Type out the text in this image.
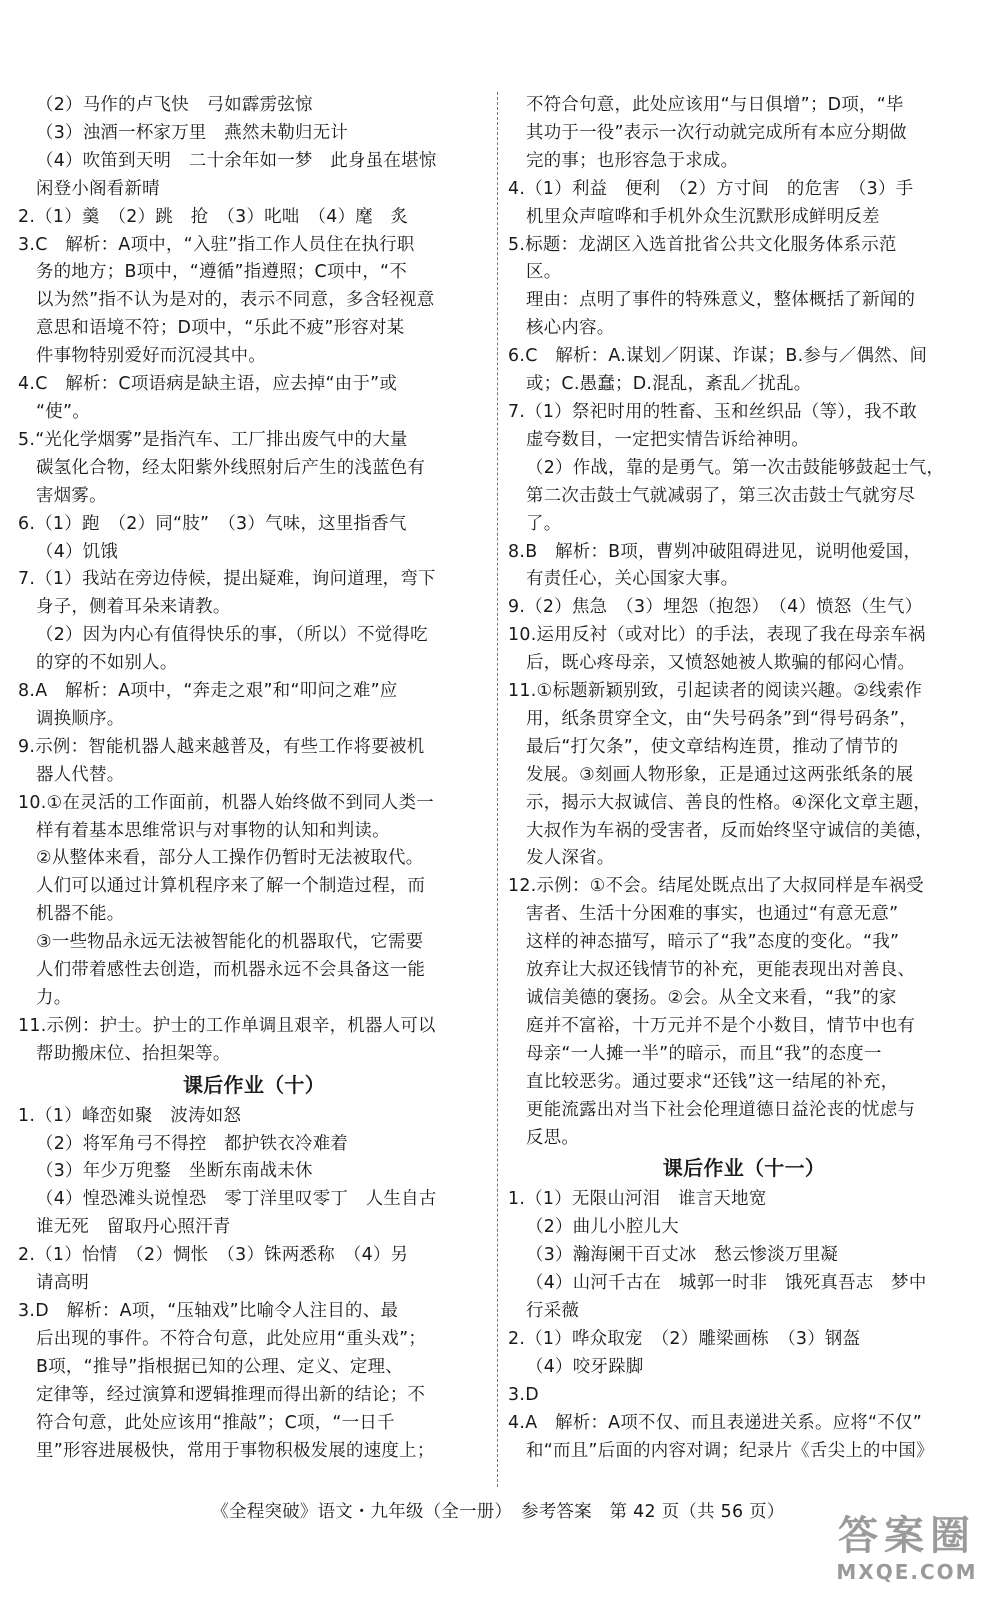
（2）马作的卢飞快　弓如霹雳弦惊
（3）浊酒一杯家万里　燕然未勒归无计
（4）吹笛到天明　二十余年如一梦　此身虽在堪惊
闲登小阁看新晴
2.（1）羹　（2）跳　抢　（3）叱咄　（4）麾　炙
3.C　解析：A项中，“入驻”指工作人员住在执行职
务的地方；B项中，“遵循”指遵照；C项中，“不
以为然”指不认为是对的，表示不同意，多含轻视意
意思和语境不符；D项中，“乐此不疲”形容对某
件事物特别爱好而沉浸其中。
4.C　解析：C项语病是缺主语，应去掉“由于”或
“使”。
5.“光化学烟雾”是指汽车、工厂排出废气中的大量
碳氢化合物，经太阳紫外线照射后产生的浅蓝色有
害烟雾。
6.（1）跑　（2）同“肢”　（3）气味，这里指香气
（4）饥饿
7.（1）我站在旁边侍候，提出疑难，询问道理，弯下
身子，侧着耳朵来请教。
（2）因为内心有值得快乐的事，（所以）不觉得吃
的穿的不如别人。
8.A　解析：A项中，“奔走之艰”和“叩问之难”应
调换顺序。
9.示例：智能机器人越来越普及，有些工作将要被机
器人代替。
10.①在灵活的工作面前，机器人始终做不到同人类一
样有着基本思维常识与对事物的认知和判读。
②从整体来看，部分人工操作仍暂时无法被取代。
人们可以通过计算机程序来了解一个制造过程，而
机器不能。
③一些物品永远无法被智能化的机器取代，它需要
人们带着感性去创造，而机器永远不会具备这一能
力。
11.示例：护士。护士的工作单调且艰辛，机器人可以
帮助搬床位、抬担架等。
课后作业（十）
1.（1）峰峦如聚　波涛如怒
（2）将军角弓不得控　都护铁衣冷难着
（3）年少万兜鍪　坐断东南战未休
（4）惶恐滩头说惶恐　零丁洋里叹零丁　人生自古
谁无死　留取丹心照汗青
2.（1）怡情　（2）惆怅　（3）铢两悉称　（4）另
请高明
3.D　解析：A项，“压轴戏”比喻令人注目的、最
后出现的事件。不符合句意，此处应用“重头戏”；
B项，“推导”指根据已知的公理、定义、定理、
定律等，经过演算和逻辑推理而得出新的结论；不
符合句意，此处应该用“推敲”；C项，“一日千
里”形容进展极快，常用于事物积极发展的速度上；
不符合句意，此处应该用“与日俱增”；D项，“毕
其功于一役”表示一次行动就完成所有本应分期做
完的事；也形容急于求成。
4.（1）利益　便利　（2）方寸间　的危害　（3）手
机里众声喧哗和手机外众生沉默形成鲜明反差
5.标题：龙湖区入选首批省公共文化服务体系示范
区。
理由：点明了事件的特殊意义，整体概括了新闻的
核心内容。
6.C　解析：A.谋划／阴谋、诈谋；B.参与／偶然、间
或；C.愚蠢；D.混乱，紊乱／扰乱。
7.（1）祭祀时用的牲畜、玉和丝织品（等），我不敢
虚夸数目，一定把实情告诉给神明。
（2）作战，靠的是勇气。第一次击鼓能够鼓起士气，
第二次击鼓士气就减弱了，第三次击鼓士气就穷尽
了。
8.B　解析：B项，曹刿冲破阻碍进见，说明他爱国，
有责任心，关心国家大事。
9.（2）焦急　（3）埋怨（抱怨）　（4）愤怒（生气）
10.运用反衬（或对比）的手法，表现了我在母亲车祸
后，既心疼母亲，又愤怒她被人欺骗的郁闷心情。
11.①标题新颖别致，引起读者的阅读兴趣。②线索作
用，纸条贯穿全文，由“失号码条”到“得号码条”，
最后“打欠条”，使文章结构连贯，推动了情节的
发展。③刻画人物形象，正是通过这两张纸条的展
示，揭示大叔诚信、善良的性格。④深化文章主题，
大叔作为车祸的受害者，反而始终坚守诚信的美德，
发人深省。
12.示例：①不会。结尾处既点出了大叔同样是车祸受
害者、生活十分困难的事实，也通过“有意无意”
这样的神态描写，暗示了“我”态度的变化。“我”
放弃让大叔还钱情节的补充，更能表现出对善良、
诚信美德的褒扬。②会。从全文来看，“我”的家
庭并不富裕，十万元并不是个小数目，情节中也有
母亲“一人摊一半”的暗示，而且“我”的态度一
直比较恶劣。通过要求“还钱”这一结尾的补充，
更能流露出对当下社会伦理道德日益沦丧的忧虑与
反思。
课后作业（十一）
1.（1）无限山河泪　谁言天地宽
（2）曲儿小腔儿大
（3）瀚海阑干百丈冰　愁云惨淡万里凝
（4）山河千古在　城郭一时非　饿死真吾志　梦中
行采薇
2.（1）哗众取宠　（2）雕梁画栋　（3）钢盔
（4）咬牙跺脚
3.D
4.A　解析：A项不仅、而且表递进关系。应将“不仅”
和“而且”后面的内容对调；纪录片《舌尖上的中国》
《全程突破》语文・九年级（全一册）　参考答案　第 42 页（共 56 页）
答案圈
MXQE.COM
